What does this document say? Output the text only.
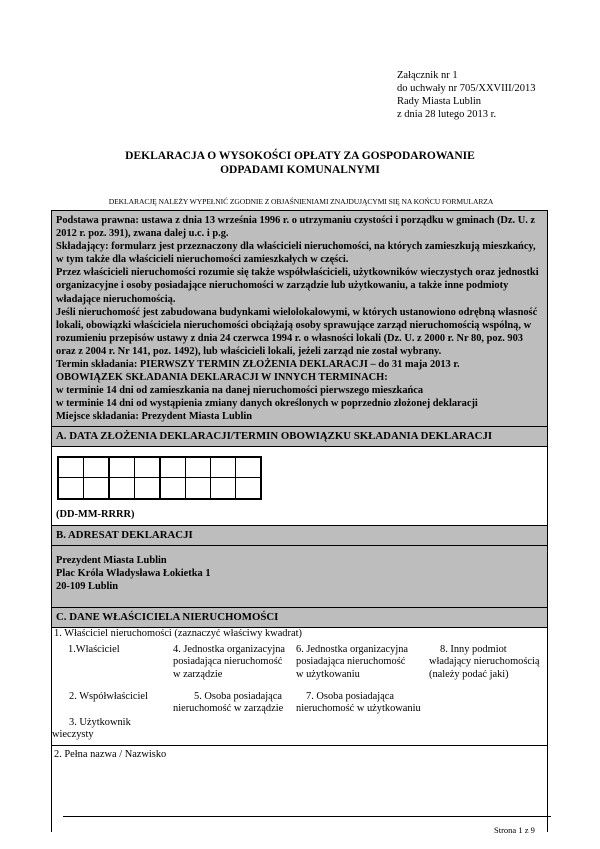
Załącznik nr 1
do uchwały nr 705/XXVIII/2013
Rady Miasta Lublin
z dnia 28 lutego 2013 r.
DEKLARACJA O WYSOKOŚCI OPŁATY ZA GOSPODAROWANIE
ODPADAMI KOMUNALNYMI
DEKLARACJĘ NALEŻY WYPEŁNIĆ ZGODNIE Z OBJAŚNIENIAMI ZNAJDUJĄCYMI SIĘ NA KOŃCU FORMULARZA

Podstawa prawna: ustawa z dnia 13 września 1996 r. o utrzymaniu czystości i porządku w gminach (Dz. U. z 2012 r. poz. 391), zwana dalej u.c. i p.g.

Składający: formularz jest przeznaczony dla właścicieli nieruchomości, na których zamieszkują mieszkańcy, w tym także dla właścicieli nieruchomości zamieszkałych w części.

Przez właścicieli nieruchomości rozumie się także współwłaścicieli, użytkowników wieczystych oraz jednostki organizacyjne i osoby posiadające nieruchomości w zarządzie lub użytkowaniu, a także inne podmioty władające nieruchomością.

Jeśli nieruchomość jest zabudowana budynkami wielolokalowymi, w których ustanowiono odrębną własność lokali, obowiązki właściciela nieruchomości obciążają osoby sprawujące zarząd nieruchomością wspólną, w rozumieniu przepisów ustawy z dnia 24 czerwca 1994 r. o własności lokali (Dz. U. z 2000 r. Nr 80, poz. 903 oraz z 2004 r. Nr 141, poz. 1492), lub właścicieli lokali, jeżeli zarząd nie został wybrany.

Termin składania: PIERWSZY TERMIN ZŁOŻENIA DEKLARACJI – do 31 maja 2013 r.

OBOWIĄZEK SKŁADANIA DEKLARACJI W INNYCH TERMINACH:

w terminie 14 dni od zamieszkania na danej nieruchomości pierwszego mieszkańca

w terminie 14 dni od wystąpienia zmiany danych określonych w poprzednio złożonej deklaracji

Miejsce składania: Prezydent Miasta Lublin

A. DATA ZŁOŻENIA DEKLARACJI/TERMIN OBOWIĄZKU SKŁADANIA DEKLARACJI
(DD-MM-RRRR)
B. ADRESAT DEKLARACJI
Prezydent Miasta Lublin
Plac Króla Władysława Łokietka 1
20-109 Lublin
C. DANE WŁAŚCICIELA NIERUCHOMOŚCI
1. Właściciel nieruchomości (zaznaczyć właściwy kwadrat)
1.Właściciel	4. Jednostka organizacyjna
posiadająca nieruchomość
w zarządzie
6. Jednostka organizacyjna
posiadająca nieruchomość
w użytkowaniu
8. Inny podmiot
władający nieruchomością
(należy podać jaki)
2. Współwłaściciel	5. Osoba posiadająca
nieruchomość w zarządzie
7. Osoba posiadająca
nieruchomość w użytkowaniu
3. Użytkownik
wieczysty
2. Pełna nazwa / Nazwisko
Strona 1 z 9
